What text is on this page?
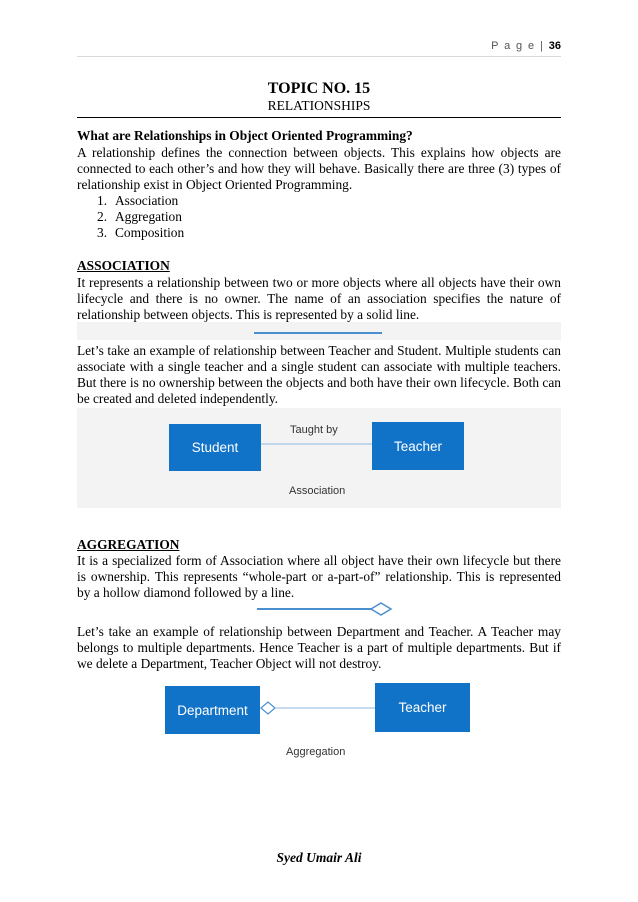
P a g e | 36
TOPIC NO. 15
RELATIONSHIPS
What are Relationships in Object Oriented Programming?
A relationship defines the connection between objects. This explains how objects are connected to each other’s and how they will behave. Basically there are three (3) types of relationship exist in Object Oriented Programming.
1. Association
2. Aggregation
3. Composition
ASSOCIATION
It represents a relationship between two or more objects where all objects have their own lifecycle and there is no owner. The name of an association specifies the nature of relationship between objects. This is represented by a solid line.
Let’s take an example of relationship between Teacher and Student. Multiple students can associate with a single teacher and a single student can associate with multiple teachers. But there is no ownership between the objects and both have their own lifecycle. Both can be created and deleted independently.
Student	Teacher
Taught by
Association
AGGREGATION
It is a specialized form of Association where all object have their own lifecycle but there is ownership. This represents “whole-part or a-part-of” relationship. This is represented by a hollow diamond followed by a line.
Let’s take an example of relationship between Department and Teacher. A Teacher may belongs to multiple departments. Hence Teacher is a part of multiple departments. But if we delete a Department, Teacher Object will not destroy.
Department	Teacher
Aggregation
Syed Umair Ali
